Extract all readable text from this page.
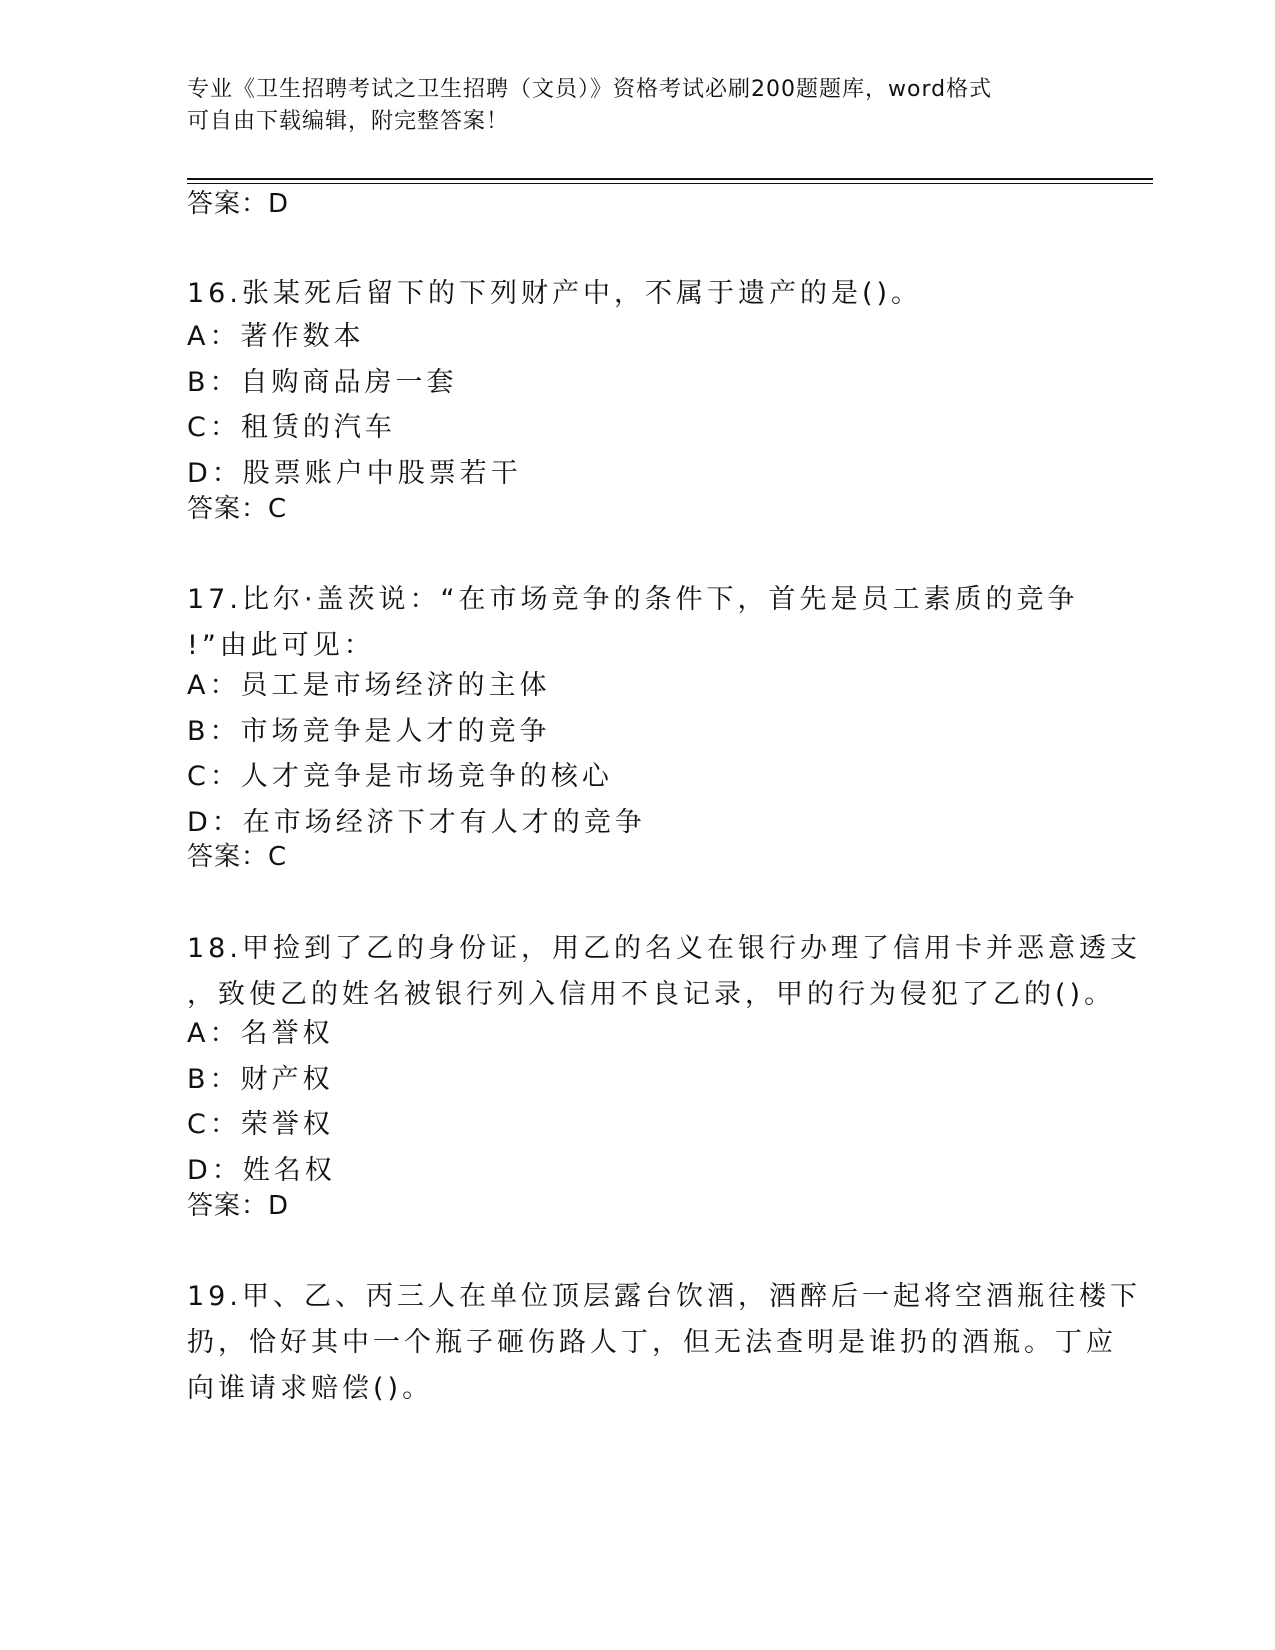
专业《卫生招聘考试之卫生招聘（文员）》资格考试必刷200题题库，word格式
可自由下载编辑，附完整答案！
答案：D
16.张某死后留下的下列财产中，不属于遗产的是()。
A：著作数本
B：自购商品房一套
C：租赁的汽车
D：股票账户中股票若干
答案：C
17.比尔·盖茨说：“在市场竞争的条件下，首先是员工素质的竞争
!”由此可见：
A：员工是市场经济的主体
B：市场竞争是人才的竞争
C：人才竞争是市场竞争的核心
D：在市场经济下才有人才的竞争
答案：C
18.甲捡到了乙的身份证，用乙的名义在银行办理了信用卡并恶意透支
，致使乙的姓名被银行列入信用不良记录，甲的行为侵犯了乙的()。
A：名誉权
B：财产权
C：荣誉权
D：姓名权
答案：D
19.甲、乙、丙三人在单位顶层露台饮酒，酒醉后一起将空酒瓶往楼下
扔，恰好其中一个瓶子砸伤路人丁，但无法查明是谁扔的酒瓶。丁应
向谁请求赔偿()。
